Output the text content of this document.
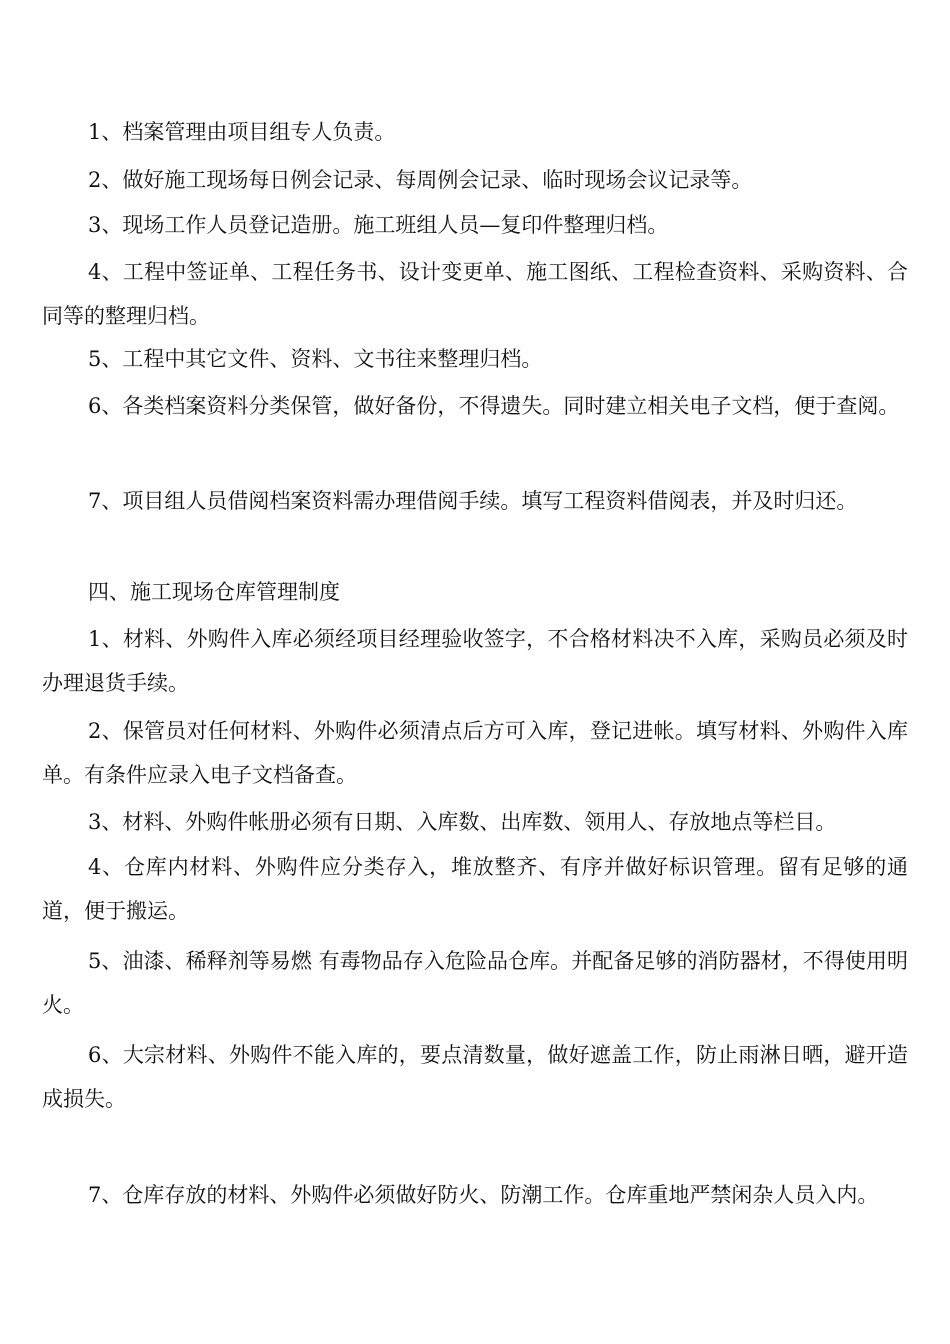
1、档案管理由项目组专人负责。

2、做好施工现场每日例会记录、每周例会记录、临时现场会议记录等。

3、现场工作人员登记造册。施工班组人员—复印件整理归档。

4、工程中签证单、工程任务书、设计变更单、施工图纸、工程检查资料、采购资料、合同等的整理归档。

5、工程中其它文件、资料、文书往来整理归档。

6、各类档案资料分类保管，做好备份，不得遗失。同时建立相关电子文档，便于查阅。

7、项目组人员借阅档案资料需办理借阅手续。填写工程资料借阅表，并及时归还。

四、施工现场仓库管理制度

1、材料、外购件入库必须经项目经理验收签字，不合格材料决不入库，采购员必须及时办理退货手续。

2、保管员对任何材料、外购件必须清点后方可入库，登记进帐。填写材料、外购件入库单。有条件应录入电子文档备查。

3、材料、外购件帐册必须有日期、入库数、出库数、领用人、存放地点等栏目。

4、仓库内材料、外购件应分类存入，堆放整齐、有序并做好标识管理。留有足够的通道，便于搬运。

5、油漆、稀释剂等易燃 有毒物品存入危险品仓库。并配备足够的消防器材，不得使用明火。

6、大宗材料、外购件不能入库的，要点清数量，做好遮盖工作，防止雨淋日晒，避开造成损失。

7、仓库存放的材料、外购件必须做好防火、防潮工作。仓库重地严禁闲杂人员入内。
